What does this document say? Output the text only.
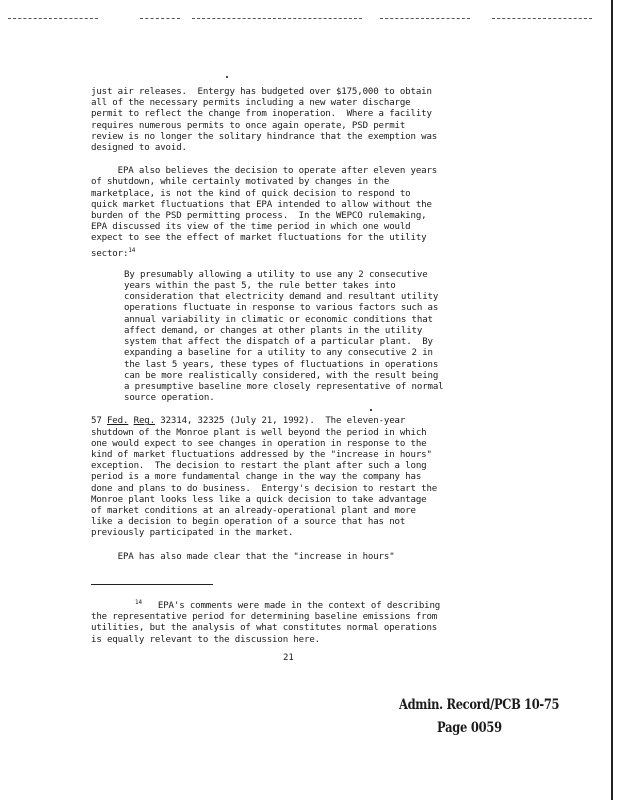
just air releases.  Entergy has budgeted over $175,000 to obtain

all of the necessary permits including a new water discharge

permit to reflect the change from inoperation.  Where a facility

requires numerous permits to once again operate, PSD permit

review is no longer the solitary hindrance that the exemption was

designed to avoid.

EPA also believes the decision to operate after eleven years

of shutdown, while certainly motivated by changes in the

marketplace, is not the kind of quick decision to respond to

quick market fluctuations that EPA intended to allow without the

burden of the PSD permitting process.  In the WEPCO rulemaking,

EPA discussed its view of the time period in which one would

expect to see the effect of market fluctuations for the utility

sector:$^{14}$

By presumably allowing a utility to use any 2 consecutive

years within the past 5, the rule better takes into

consideration that electricity demand and resultant utility

operations fluctuate in response to various factors such as

annual variability in climatic or economic conditions that

affect demand, or changes at other plants in the utility

system that affect the dispatch of a particular plant.  By

expanding a baseline for a utility to any consecutive 2 in

the last 5 years, these types of fluctuations in operations

can be more realistically considered, with the result being

a presumptive baseline more closely representative of normal

source operation.

57 Fed. Reg. 32314, 32325 (July 21, 1992).  The eleven-year

shutdown of the Monroe plant is well beyond the period in which

one would expect to see changes in operation in response to the

kind of market fluctuations addressed by the "increase in hours"

exception.  The decision to restart the plant after such a long

period is a more fundamental change in the way the company has

done and plans to do business.  Entergy's decision to restart the

Monroe plant looks less like a quick decision to take advantage

of market conditions at an already-operational plant and more

like a decision to begin operation of a source that has not

previously participated in the market.

EPA has also made clear that the "increase in hours"

$^{14}$   EPA's comments were made in the context of describing

the representative period for determining baseline emissions from

utilities, but the analysis of what constitutes normal operations

is equally relevant to the discussion here.

21
Admin. Record/PCB 10-75
Page 0059
